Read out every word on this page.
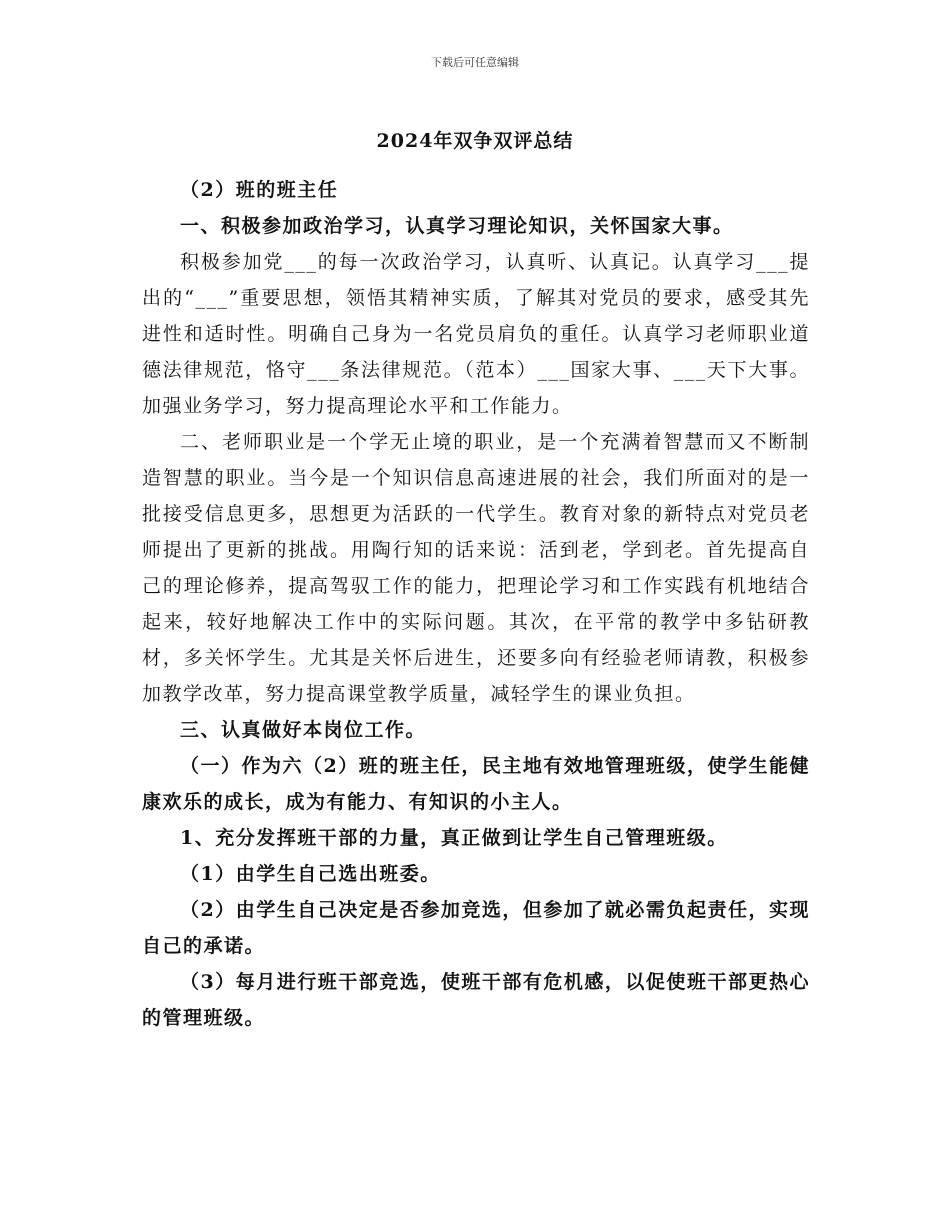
下载后可任意编辑
2024年双争双评总结

（2）班的班主任

一、积极参加政治学习，认真学习理论知识，关怀国家大事。

积极参加党___的每一次政治学习，认真听、认真记。认真学习___提出的“___”重要思想，领悟其精神实质，了解其对党员的要求，感受其先进性和适时性。明确自己身为一名党员肩负的重任。认真学习老师职业道德法律规范，恪守___条法律规范。（范本）___国家大事、___天下大事。加强业务学习，努力提高理论水平和工作能力。

二、老师职业是一个学无止境的职业，是一个充满着智慧而又不断制造智慧的职业。当今是一个知识信息高速进展的社会，我们所面对的是一批接受信息更多，思想更为活跃的一代学生。教育对象的新特点对党员老师提出了更新的挑战。用陶行知的话来说：活到老，学到老。首先提高自己的理论修养，提高驾驭工作的能力，把理论学习和工作实践有机地结合起来，较好地解决工作中的实际问题。其次，在平常的教学中多钻研教材，多关怀学生。尤其是关怀后进生，还要多向有经验老师请教，积极参加教学改革，努力提高课堂教学质量，减轻学生的课业负担。

三、认真做好本岗位工作。

（一）作为六（2）班的班主任，民主地有效地管理班级，使学生能健康欢乐的成长，成为有能力、有知识的小主人。

1、充分发挥班干部的力量，真正做到让学生自己管理班级。

（1）由学生自己选出班委。

（2）由学生自己决定是否参加竞选，但参加了就必需负起责任，实现自己的承诺。

（3）每月进行班干部竞选，使班干部有危机感，以促使班干部更热心的管理班级。
